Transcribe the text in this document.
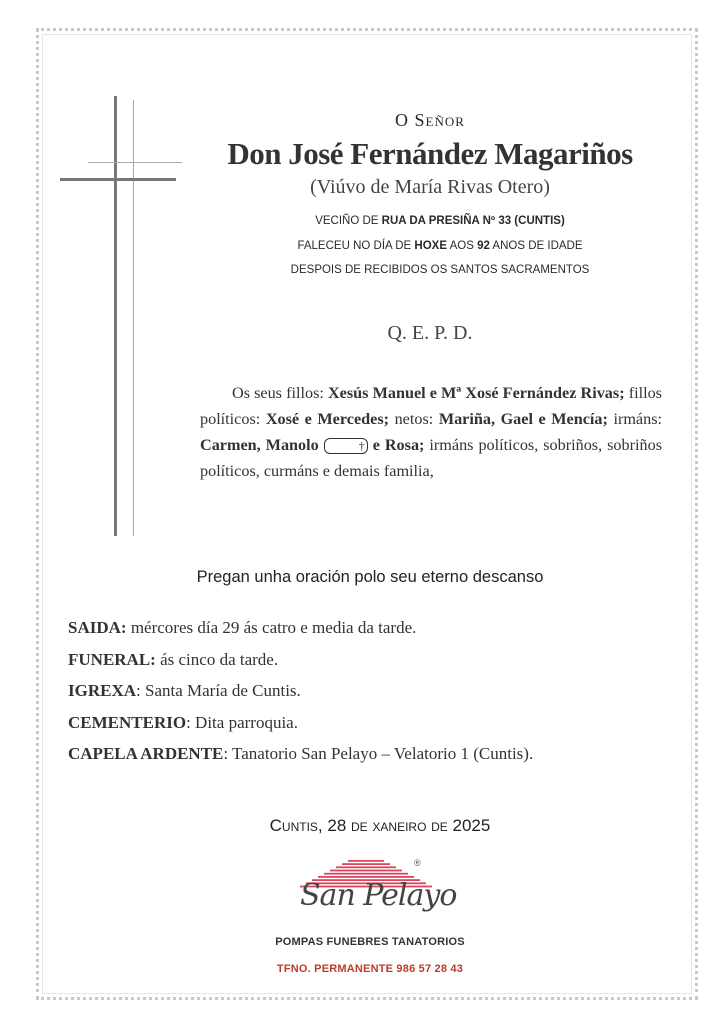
O Señor
Don José Fernández Magariños
(Viúvo de María Rivas Otero)
VECIÑO DE RUA DA PRESIÑA Nº 33 (CUNTIS)
FALECEU NO DÍA DE HOXE AOS 92 ANOS DE IDADE
DESPOIS DE RECIBIDOS OS SANTOS SACRAMENTOS
Q. E. P. D.
Os seus fillos: Xesús Manuel e Mª Xosé Fernández Rivas; fillos políticos: Xosé e Mercedes; netos: Mariña, Gael e Mencía; irmáns: Carmen, Manolo	† e Rosa; irmáns políticos, sobriños, sobriños políticos, curmáns e demais familia,
Pregan unha oración polo seu eterno descanso
SAIDA: mércores día 29 ás catro e media da tarde.
FUNERAL: ás cinco da tarde.
IGREXA: Santa María de Cuntis.
CEMENTERIO: Dita parroquia.
CAPELA ARDENTE: Tanatorio San Pelayo – Velatorio 1 (Cuntis).
Cuntis, 28 de xaneiro de 2025
®
San Pelayo
POMPAS FUNEBRES TANATORIOS
TFNO. PERMANENTE 986 57 28 43
